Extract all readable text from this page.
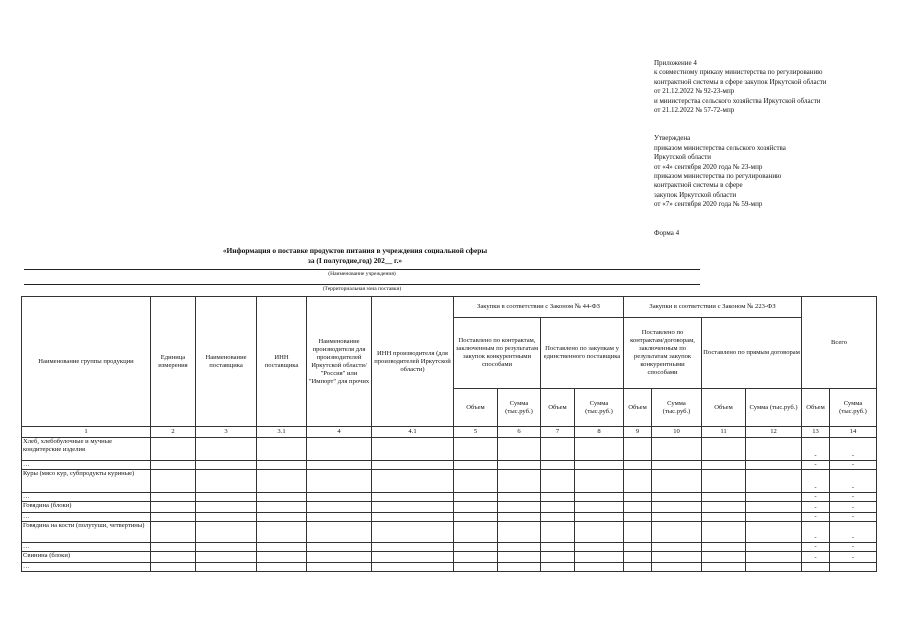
Приложение 4
к совместному приказу министерства по регулированию
контрактной системы в сфере закупок Иркутской области
от 21.12.2022 № 92-23-мпр
и министерства сельского хозяйства Иркутской области
от 21.12.2022 № 57-72-мпр
Утверждена
приказом министерства сельского хозяйства
Иркутской области
от «4» сентября 2020 года № 23-мпр
приказом министерства по регулированию
контрактной системы в сфере
закупок Иркутской области
от «7» сентября 2020 года № 59-мпр
Форма 4
«Информация о поставке продуктов питания в учреждения социальной сферы
за (I полугодие,год) 202__ г.»
(Наименование учреждения)
(Территориальная зона поставки)
Наименование группы продукции	Единица измерения	Наименование поставщика	ИНН поставщика	Наименование производителя для производителей Иркутской области/ "Россия" или "Импорт" для прочих	ИНН производителя (для производителей Иркутской области)	Закупки в соответствии с Законом № 44-ФЗ				Закупки в соответствии с Законом № 223-ФЗ				Всего	
						Поставлено по контрактам, заключенным по результатам закупок конкурентными способами		Поставлено по закупкам у единственного поставщика		Поставлено по контрактам/договорам, заключенным по результатам закупок конкурентными способами		Поставлено по прямым договорам			
						Объем	Сумма (тыс.руб.)	Объем	Сумма (тыс.руб.)	Объем	Сумма (тыс.руб.)	Объем	Сумма (тыс.руб.)	Объем	Сумма (тыс.руб.)
1	2	3	3.1	4	4.1	5	6	7	8	9	10	11	12	13	14
Хлеб, хлебобулочные и мучные кондитерские изделия														-	-
…														-	-
Куры (мясо кур, субпродукты куриные)														-	-
…														-	-
Говядина (блоки)														-	-
…														-	-
Говядина на кости (полутуши, четвертины)														-	-
…														-	-
Свинина (блоки)														-	-
…															
